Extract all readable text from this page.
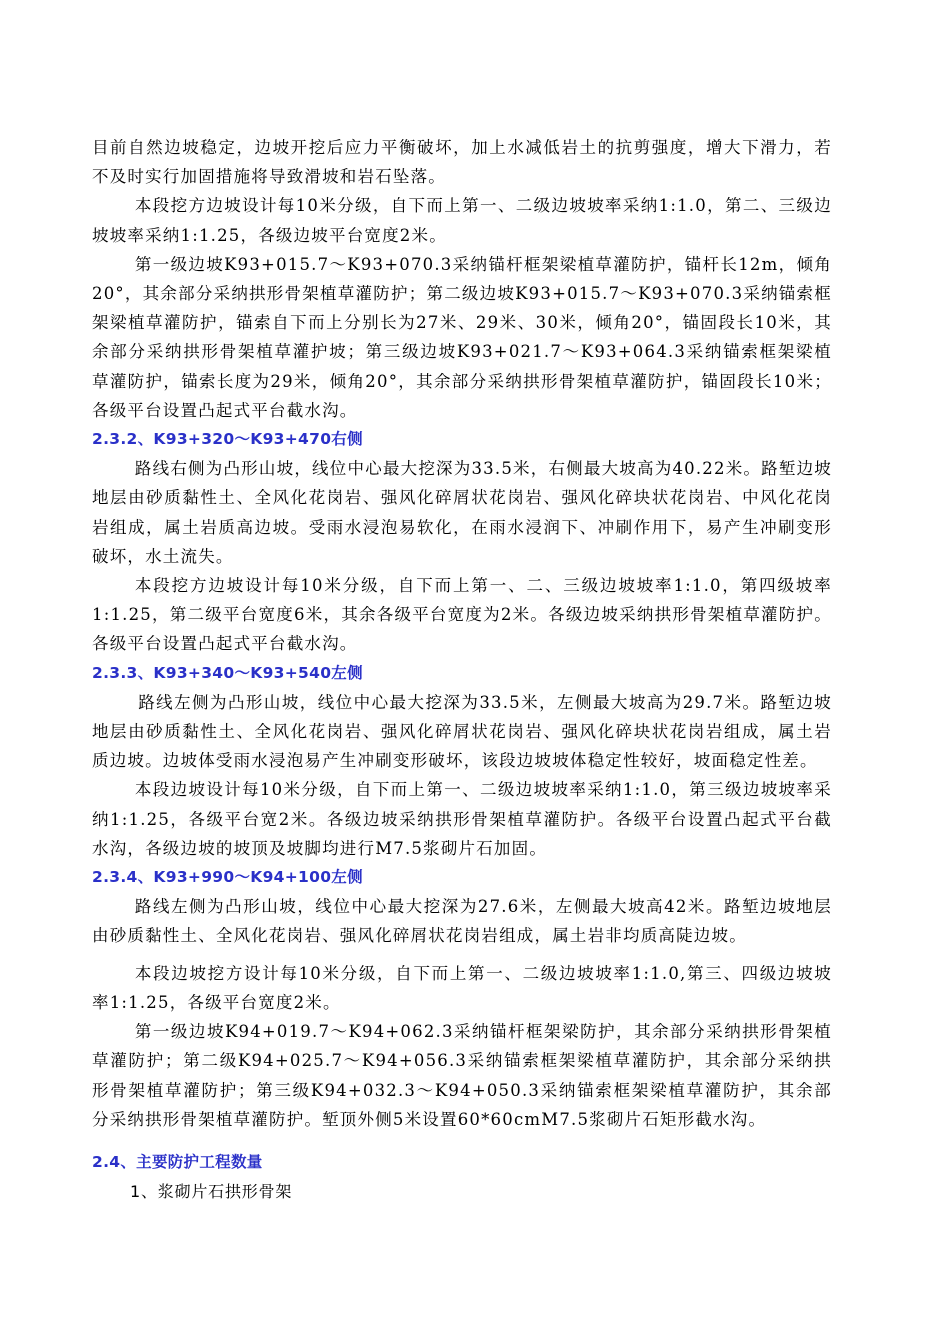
目前自然边坡稳定，边坡开挖后应力平衡破坏，加上水减低岩土的抗剪强度，增大下滑力，若不及时实行加固措施将导致滑坡和岩石坠落。

本段挖方边坡设计每10米分级，自下而上第一、二级边坡坡率采纳1:1.0，第二、三级边坡坡率采纳1:1.25，各级边坡平台宽度2米。

第一级边坡K93+015.7～K93+070.3采纳锚杆框架梁植草灌防护，锚杆长12m，倾角20°，其余部分采纳拱形骨架植草灌防护；第二级边坡K93+015.7～K93+070.3采纳锚索框架梁植草灌防护，锚索自下而上分别长为27米、29米、30米，倾角20°，锚固段长10米，其余部分采纳拱形骨架植草灌护坡；第三级边坡K93+021.7～K93+064.3采纳锚索框架梁植草灌防护，锚索长度为29米，倾角20°，其余部分采纳拱形骨架植草灌防护，锚固段长10米；各级平台设置凸起式平台截水沟。

2.3.2、K93+320～K93+470右侧

路线右侧为凸形山坡，线位中心最大挖深为33.5米，右侧最大坡高为40.22米。路堑边坡地层由砂质黏性土、全风化花岗岩、强风化碎屑状花岗岩、强风化碎块状花岗岩、中风化花岗岩组成，属土岩质高边坡。受雨水浸泡易软化，在雨水浸润下、冲刷作用下，易产生冲刷变形破坏，水土流失。

本段挖方边坡设计每10米分级，自下而上第一、二、三级边坡坡率1:1.0，第四级坡率1:1.25，第二级平台宽度6米，其余各级平台宽度为2米。各级边坡采纳拱形骨架植草灌防护。各级平台设置凸起式平台截水沟。

2.3.3、K93+340～K93+540左侧

路线左侧为凸形山坡，线位中心最大挖深为33.5米，左侧最大坡高为29.7米。路堑边坡地层由砂质黏性土、全风化花岗岩、强风化碎屑状花岗岩、强风化碎块状花岗岩组成，属土岩质边坡。边坡体受雨水浸泡易产生冲刷变形破坏，该段边坡坡体稳定性较好，坡面稳定性差。

本段边坡设计每10米分级，自下而上第一、二级边坡坡率采纳1:1.0，第三级边坡坡率采纳1:1.25，各级平台宽2米。各级边坡采纳拱形骨架植草灌防护。各级平台设置凸起式平台截水沟，各级边坡的坡顶及坡脚均进行M7.5浆砌片石加固。

2.3.4、K93+990～K94+100左侧

路线左侧为凸形山坡，线位中心最大挖深为27.6米，左侧最大坡高42米。路堑边坡地层由砂质黏性土、全风化花岗岩、强风化碎屑状花岗岩组成，属土岩非均质高陡边坡。

本段边坡挖方设计每10米分级，自下而上第一、二级边坡坡率1:1.0,第三、四级边坡坡率1:1.25，各级平台宽度2米。

第一级边坡K94+019.7～K94+062.3采纳锚杆框架梁防护，其余部分采纳拱形骨架植草灌防护；第二级K94+025.7～K94+056.3采纳锚索框架梁植草灌防护，其余部分采纳拱形骨架植草灌防护；第三级K94+032.3～K94+050.3采纳锚索框架梁植草灌防护，其余部分采纳拱形骨架植草灌防护。堑顶外侧5米设置60*60cmM7.5浆砌片石矩形截水沟。

2.4、主要防护工程数量

1、浆砌片石拱形骨架
